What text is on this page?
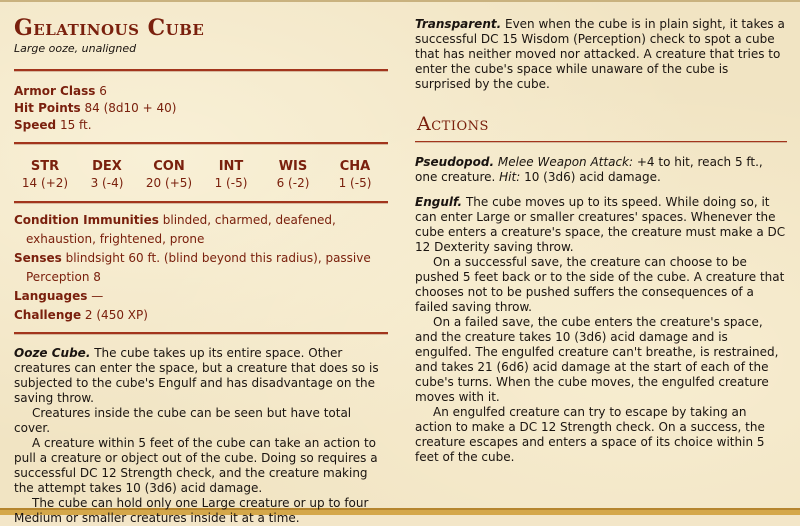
Gelatinous Cube
Large ooze, unaligned
Armor Class 6
Hit Points 84 (8d10 + 40)
Speed 15 ft.
STR
14 (+2)
DEX
3 (-4)
CON
20 (+5)
INT
1 (-5)
WIS
6 (-2)
CHA
1 (-5)
Condition Immunities blinded, charmed, deafened, exhaustion, frightened, prone
Senses blindsight 60 ft. (blind beyond this radius), passive Perception 8
Languages —
Challenge 2 (450 XP)

Ooze Cube. The cube takes up its entire space. Other creatures can enter the space, but a creature that does so is subjected to the cube's Engulf and has disadvantage on the saving throw.

Creatures inside the cube can be seen but have total cover.

A creature within 5 feet of the cube can take an action to pull a creature or object out of the cube. Doing so requires a successful DC 12 Strength check, and the creature making the attempt takes 10 (3d6) acid damage.

The cube can hold only one Large creature or up to four Medium or smaller creatures inside it at a time.

Transparent. Even when the cube is in plain sight, it takes a successful DC 15 Wisdom (Perception) check to spot a cube that has neither moved nor attacked. A creature that tries to enter the cube's space while unaware of the cube is surprised by the cube.

Actions

Pseudopod. Melee Weapon Attack: +4 to hit, reach 5 ft., one creature. Hit: 10 (3d6) acid damage.

Engulf. The cube moves up to its speed. While doing so, it can enter Large or smaller creatures' spaces. Whenever the cube enters a creature's space, the creature must make a DC 12 Dexterity saving throw.

On a successful save, the creature can choose to be pushed 5 feet back or to the side of the cube. A creature that chooses not to be pushed suffers the consequences of a failed saving throw.

On a failed save, the cube enters the creature's space, and the creature takes 10 (3d6) acid damage and is engulfed. The engulfed creature can't breathe, is restrained, and takes 21 (6d6) acid damage at the start of each of the cube's turns. When the cube moves, the engulfed creature moves with it.

An engulfed creature can try to escape by taking an action to make a DC 12 Strength check. On a success, the creature escapes and enters a space of its choice within 5 feet of the cube.
